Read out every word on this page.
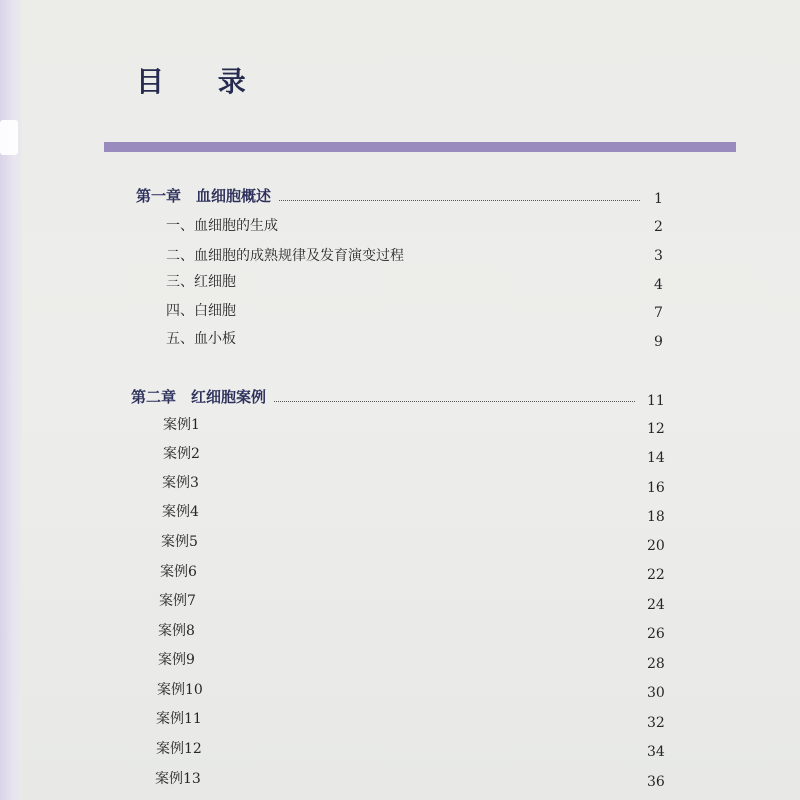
目 录
第一章　血细胞概述	1
一、血细胞的生成	2
二、血细胞的成熟规律及发育演变过程	3
三、红细胞	4
四、白细胞	7
五、血小板	9
第二章　红细胞案例	11
案例1	12
案例2	14
案例3	16
案例4	18
案例5	20
案例6	22
案例7	24
案例8	26
案例9	28
案例10	30
案例11	32
案例12	34
案例13	36
